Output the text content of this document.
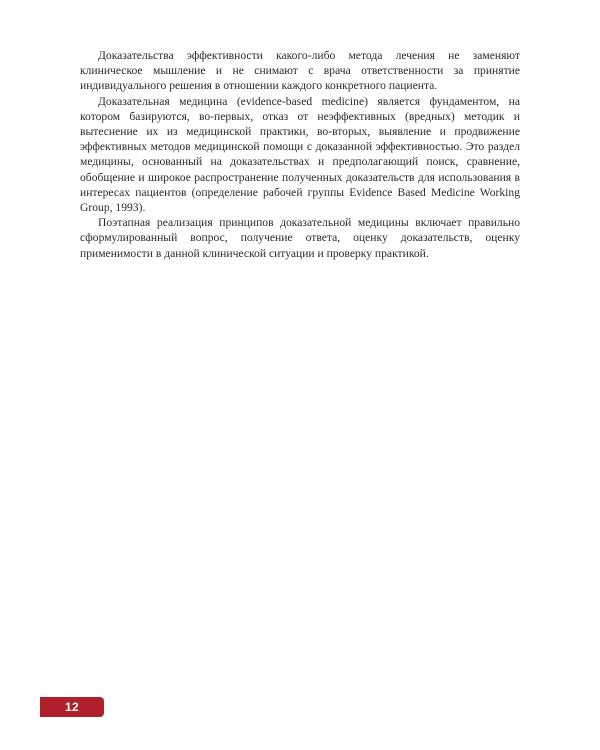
Доказательства эффективности какого-либо метода лечения не заменяют клиническое мышление и не снимают с врача ответственности за принятие индивидуального решения в отношении каждого конкретного пациента.

Доказательная медицина (evidence-based medicine) является фундаментом, на котором базируются, во-первых, отказ от неэффективных (вредных) методик и вытеснение их из медицинской практики, во-вторых, выявление и продвижение эффективных методов медицинской помощи с доказанной эффективностью. Это раздел медицины, основанный на доказательствах и предполагающий поиск, сравнение, обобщение и широкое распространение полученных доказательств для использования в интересах пациентов (определение рабочей группы Evidence Based Medicine Working Group, 1993).

Поэтапная реализация принципов доказательной медицины включает правильно сформулированный вопрос, получение ответа, оценку доказательств, оценку применимости в данной клинической ситуации и проверку практикой.

12
